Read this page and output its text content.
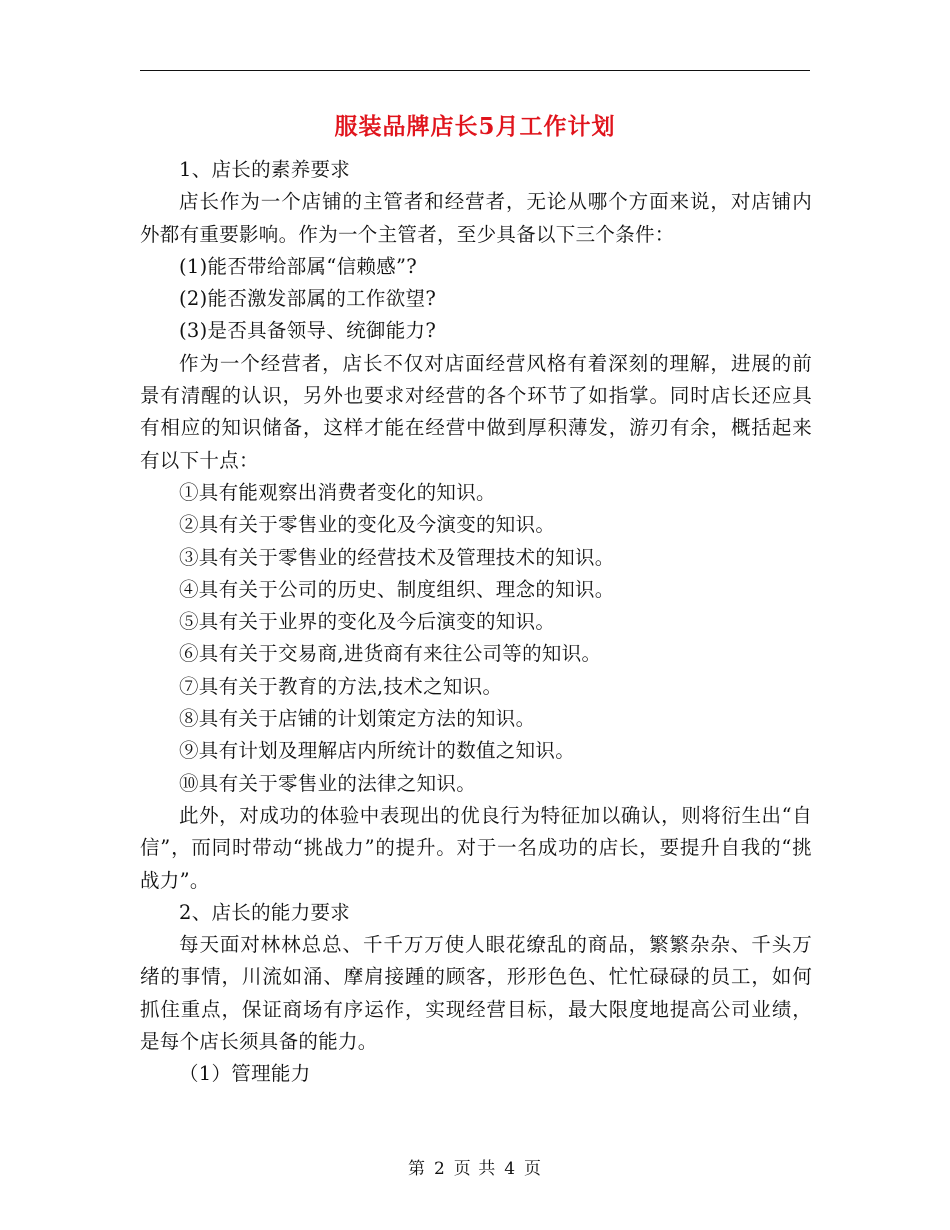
服装品牌店长5月工作计划

1、店长的素养要求

店长作为一个店铺的主管者和经营者，无论从哪个方面来说，对店铺内外都有重要影响。作为一个主管者，至少具备以下三个条件：

(1)能否带给部属“信赖感”?

(2)能否激发部属的工作欲望?

(3)是否具备领导、统御能力?

作为一个经营者，店长不仅对店面经营风格有着深刻的理解，进展的前景有清醒的认识，另外也要求对经营的各个环节了如指掌。同时店长还应具有相应的知识储备，这样才能在经营中做到厚积薄发，游刃有余，概括起来有以下十点：

①具有能观察出消费者变化的知识。

②具有关于零售业的变化及今演变的知识。

③具有关于零售业的经营技术及管理技术的知识。

④具有关于公司的历史、制度组织、理念的知识。

⑤具有关于业界的变化及今后演变的知识。

⑥具有关于交易商,进货商有来往公司等的知识。

⑦具有关于教育的方法,技术之知识。

⑧具有关于店铺的计划策定方法的知识。

⑨具有计划及理解店内所统计的数值之知识。

⑩具有关于零售业的法律之知识。

此外，对成功的体验中表现出的优良行为特征加以确认，则将衍生出“自信”，而同时带动“挑战力”的提升。对于一名成功的店长，要提升自我的“挑战力”。

2、店长的能力要求

每天面对林林总总、千千万万使人眼花缭乱的商品，繁繁杂杂、千头万绪的事情，川流如涌、摩肩接踵的顾客，形形色色、忙忙碌碌的员工，如何抓住重点，保证商场有序运作，实现经营目标，最大限度地提高公司业绩，是每个店长须具备的能力。

（1）管理能力

第 2 页 共 4 页
